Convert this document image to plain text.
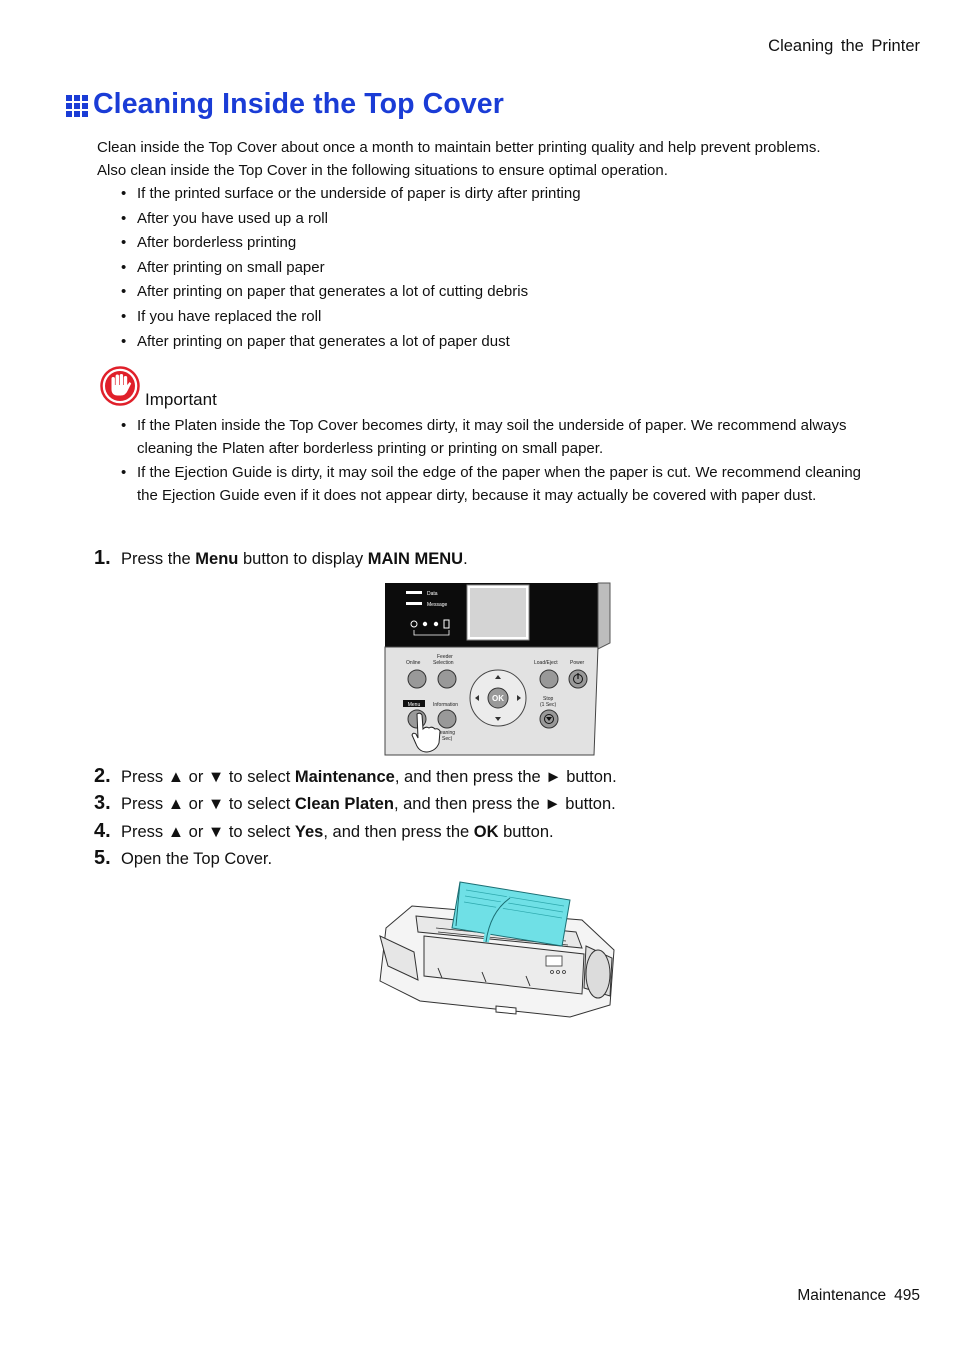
Cleaning the Printer
Cleaning Inside the Top Cover
Clean inside the Top Cover about once a month to maintain better printing quality and help prevent problems.
Also clean inside the Top Cover in the following situations to ensure optimal operation.
• If the printed surface or the underside of paper is dirty after printing
• After you have used up a roll
• After borderless printing
• After printing on small paper
• After printing on paper that generates a lot of cutting debris
• If you have replaced the roll
• After printing on paper that generates a lot of paper dust
Important
• If the Platen inside the Top Cover becomes dirty, it may soil the underside of paper. We recommend always cleaning the Platen after borderless printing or printing on small paper.
• If the Ejection Guide is dirty, it may soil the edge of the paper when the paper is cut. We recommend cleaning the Ejection Guide even if it does not appear dirty, because it may actually be covered with paper dust.
1. Press the Menu button to display MAIN MENU.
Data
Message
Online
Feeder
Selection	Load/Eject Power
OK
Menu	Information
Stop
(1 Sec)
eaning
Sec)
2. Press ▲ or ▼ to select Maintenance, and then press the ► button.
3. Press ▲ or ▼ to select Clean Platen, and then press the ► button.
4. Press ▲ or ▼ to select Yes, and then press the OK button.
5. Open the Top Cover.
Maintenance 495
